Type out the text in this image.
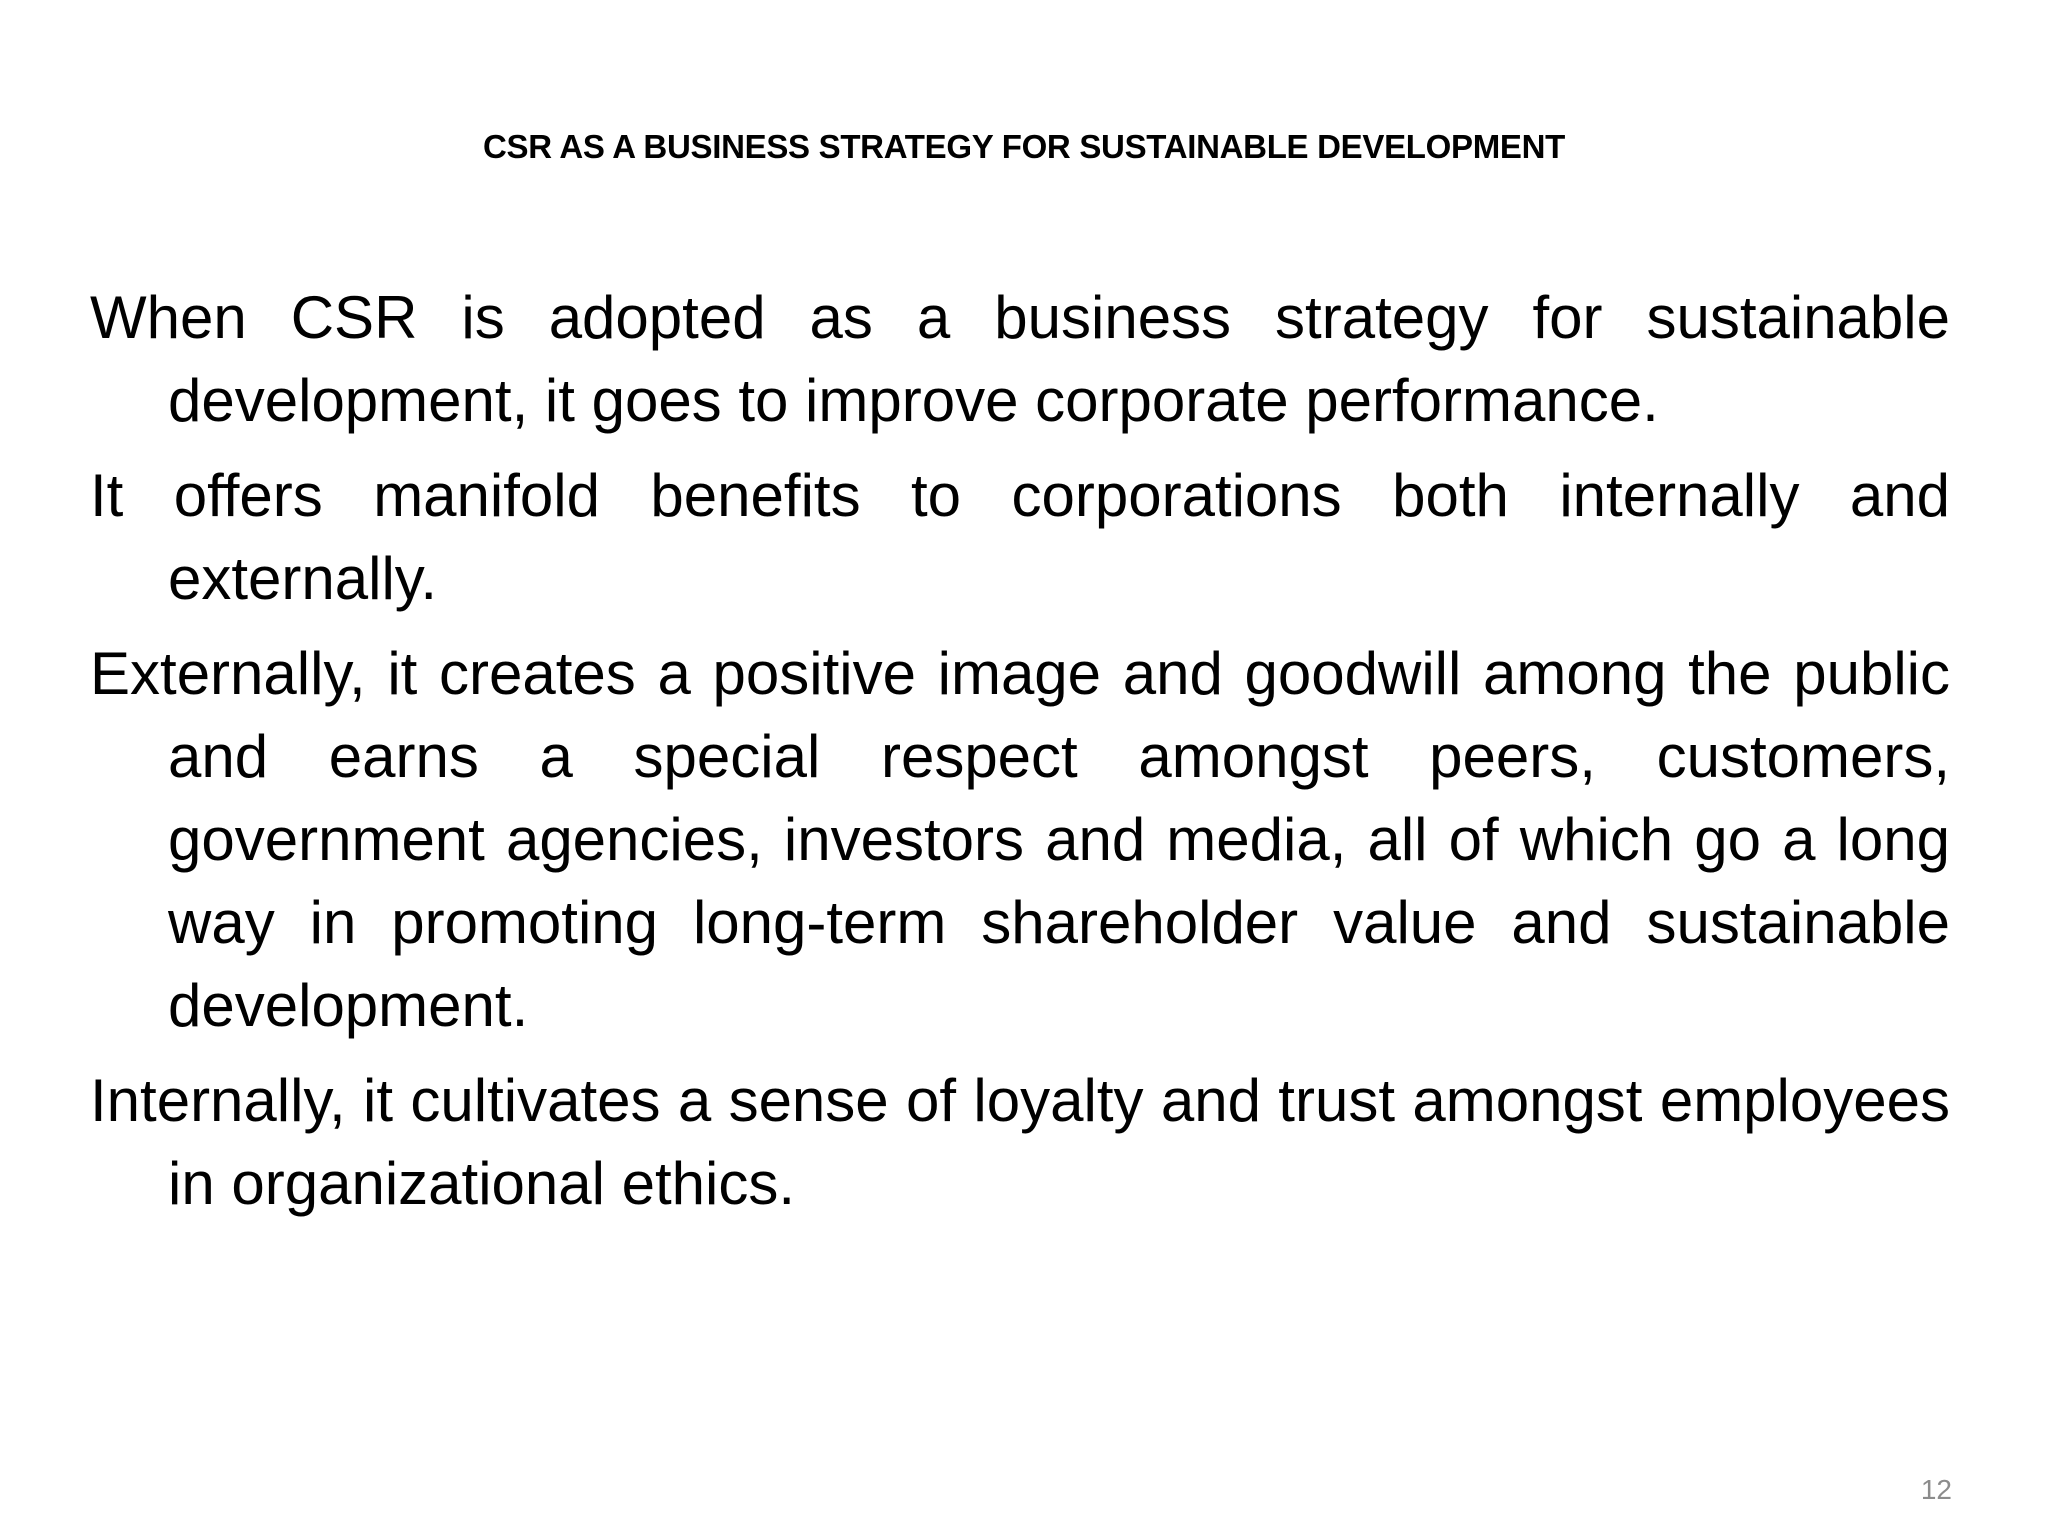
CSR AS A BUSINESS STRATEGY FOR SUSTAINABLE DEVELOPMENT

When CSR is adopted as a business strategy for sustainable development, it goes to improve corporate performance.

It offers manifold benefits to corporations both internally and externally.

Externally, it creates a positive image and goodwill among the public and earns a special respect amongst peers, customers, government agencies, investors and media, all of which go a long way in promoting long-term shareholder value and sustainable development.

Internally, it cultivates a sense of loyalty and trust amongst employees in organizational ethics.

12
